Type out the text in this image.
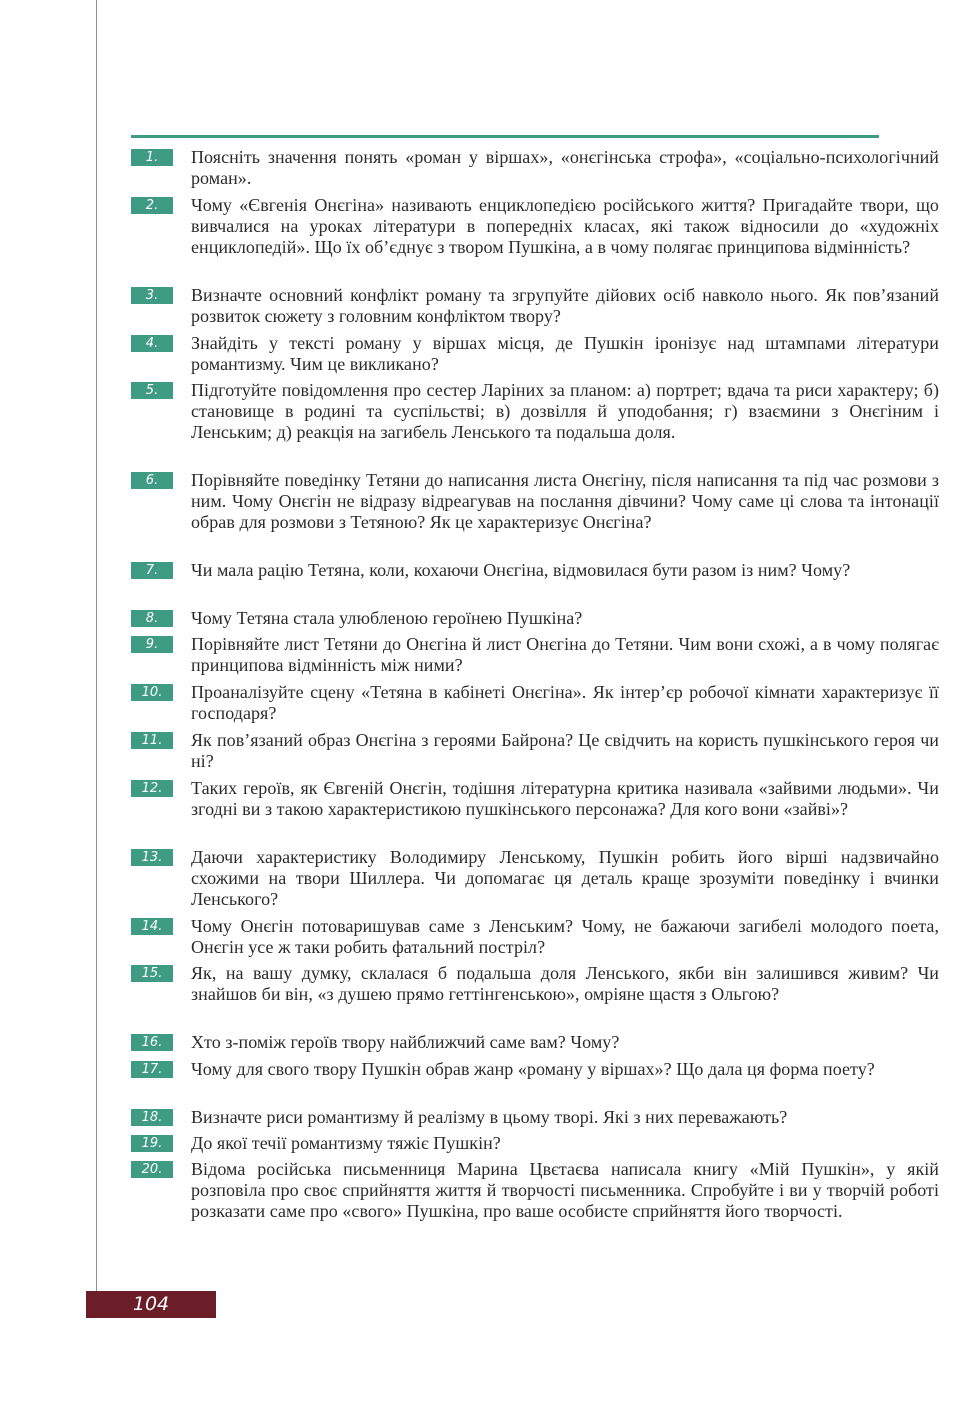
1.	Поясніть значення понять «роман у віршах», «онєгінська строфа», «соціально-психологічний роман».
2.	Чому «Євгенія Онєгіна» називають енциклопедією російського життя? Пригадайте твори, що вивчалися на уроках літератури в попередніх класах, які також відносили до «художніх енциклопедій». Що їх об’єднує з твором Пушкіна, а в чому полягає принципова відмінність?
3.	Визначте основний конфлікт роману та згрупуйте дійових осіб навколо нього. Як пов’язаний розвиток сюжету з головним конфліктом твору?
4.	Знайдіть у тексті роману у віршах місця, де Пушкін іронізує над штампами літератури романтизму. Чим це викликано?
5.	Підготуйте повідомлення про сестер Ларіних за планом: а) портрет; вдача та риси характеру; б) становище в родині та суспільстві; в) дозвілля й уподобання; г) взаємини з Онєгіним і Ленським; д) реакція на загибель Ленського та подальша доля.
6.	Порівняйте поведінку Тетяни до написання листа Онєгіну, після написання та під час розмови з ним. Чому Онєгін не відразу відреагував на послання дівчини? Чому саме ці слова та інтонації обрав для розмови з Тетяною? Як це характеризує Онєгіна?
7.	Чи мала рацію Тетяна, коли, кохаючи Онєгіна, відмовилася бути разом із ним? Чому?
8.	Чому Тетяна стала улюбленою героїнею Пушкіна?
9.	Порівняйте лист Тетяни до Онєгіна й лист Онєгіна до Тетяни. Чим вони схожі, а в чому полягає принципова відмінність між ними?
10.	Проаналізуйте сцену «Тетяна в кабінеті Онєгіна». Як інтер’єр робочої кімнати характеризує її господаря?
11.	Як пов’язаний образ Онєгіна з героями Байрона? Це свідчить на користь пушкінського героя чи ні?
12.	Таких героїв, як Євгеній Онєгін, тодішня літературна критика називала «зайвими людьми». Чи згодні ви з такою характеристикою пушкінського персонажа? Для кого вони «зайві»?
13.	Даючи характеристику Володимиру Ленському, Пушкін робить його вірші надзвичайно схожими на твори Шиллера. Чи допомагає ця деталь краще зрозуміти поведінку і вчинки Ленського?
14.	Чому Онєгін потоваришував саме з Ленським? Чому, не бажаючи загибелі молодого поета, Онєгін усе ж таки робить фатальний постріл?
15.	Як, на вашу думку, склалася б подальша доля Ленського, якби він залишився живим? Чи знайшов би він, «з душею прямо геттінгенською», омріяне щастя з Ольгою?
16.	Хто з-поміж героїв твору найближчий саме вам? Чому?
17.	Чому для свого твору Пушкін обрав жанр «роману у віршах»? Що дала ця форма поету?
18.	Визначте риси романтизму й реалізму в цьому творі. Які з них переважають?
19.	До якої течії романтизму тяжіє Пушкін?
20.	Відома російська письменниця Марина Цвєтаєва написала книгу «Мій Пушкін», у якій розповіла про своє сприйняття життя й творчості письменника. Спробуйте і ви у творчій роботі розказати саме про «свого» Пушкіна, про ваше особисте сприйняття його творчості.
104
